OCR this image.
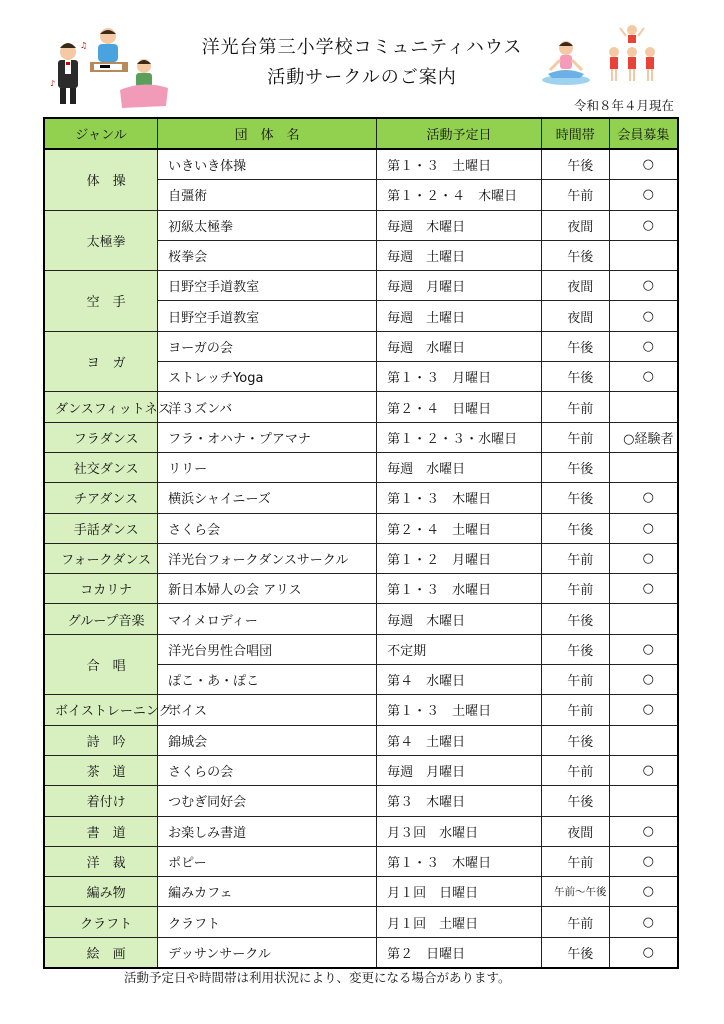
洋光台第三小学校コミュニティハウス
活動サークルのご案内
令和８年４月現在
♪
♫
ジャンル	団　体　名	活動予定日	時間帯	会員募集
体　操	いきいき体操	第１・３　土曜日	午後	○
	自彊術	第１・２・４　木曜日	午前	○
太極拳	初級太極拳	毎週　木曜日	夜間	○
	桜拳会	毎週　土曜日	午後	
空　手	日野空手道教室	毎週　月曜日	夜間	○
	日野空手道教室	毎週　土曜日	夜間	○
ヨ　ガ	ヨーガの会	毎週　水曜日	午後	○
	ストレッチYoga	第１・３　月曜日	午後	○
ダンスフィットネス	洋３ズンバ	第２・４　日曜日	午前	
フラダンス	フラ・オハナ・プアマナ	第１・２・３・水曜日	午前	○経験者
社交ダンス	リリー	毎週　水曜日	午後	
チアダンス	横浜シャイニーズ	第１・３　木曜日	午後	○
手話ダンス	さくら会	第２・４　土曜日	午後	○
フォークダンス	洋光台フォークダンスサークル	第１・２　月曜日	午前	○
コカリナ	新日本婦人の会 アリス	第１・３　水曜日	午前	○
グループ音楽	マイメロディー	毎週　木曜日	午後	
合　唱	洋光台男性合唱団	不定期	午後	○
	ぽこ・あ・ぽこ	第４　水曜日	午前	○
ボイストレーニング	ボイス	第１・３　土曜日	午前	○
詩　吟	錦城会	第４　土曜日	午後	
茶　道	さくらの会	毎週　月曜日	午前	○
着付け	つむぎ同好会	第３　木曜日	午後	
書　道	お楽しみ書道	月３回　水曜日	夜間	○
洋　裁	ポピー	第１・３　木曜日	午前	○
編み物	編みカフェ	月１回　日曜日	午前〜午後	○
クラフト	クラフト	月１回　土曜日	午前	○
絵　画	デッサンサークル	第２　日曜日	午後	○
活動予定日や時間帯は利用状況により、変更になる場合があります。
